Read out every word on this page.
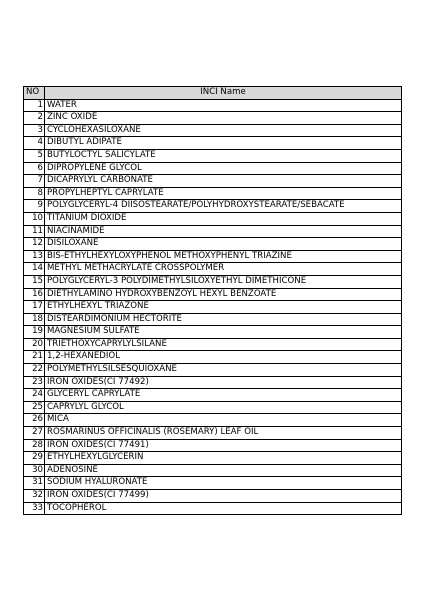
NO	INCI Name
1	WATER
2	ZINC OXIDE
3	CYCLOHEXASILOXANE
4	DIBUTYL ADIPATE
5	BUTYLOCTYL SALICYLATE
6	DIPROPYLENE GLYCOL
7	DICAPRYLYL CARBONATE
8	PROPYLHEPTYL CAPRYLATE
9	POLYGLYCERYL-4 DIISOSTEARATE/POLYHYDROXYSTEARATE/SEBACATE
10	TITANIUM DIOXIDE
11	NIACINAMIDE
12	DISILOXANE
13	BIS-ETHYLHEXYLOXYPHENOL METHOXYPHENYL TRIAZINE
14	METHYL METHACRYLATE CROSSPOLYMER
15	POLYGLYCERYL-3 POLYDIMETHYLSILOXYETHYL DIMETHICONE
16	DIETHYLAMINO HYDROXYBENZOYL HEXYL BENZOATE
17	ETHYLHEXYL TRIAZONE
18	DISTEARDIMONIUM HECTORITE
19	MAGNESIUM SULFATE
20	TRIETHOXYCAPRYLYLSILANE
21	1,2-HEXANEDIOL
22	POLYMETHYLSILSESQUIOXANE
23	IRON OXIDES(CI 77492)
24	GLYCERYL CAPRYLATE
25	CAPRYLYL GLYCOL
26	MICA
27	ROSMARINUS OFFICINALIS (ROSEMARY) LEAF OIL
28	IRON OXIDES(CI 77491)
29	ETHYLHEXYLGLYCERIN
30	ADENOSINE
31	SODIUM HYALURONATE
32	IRON OXIDES(CI 77499)
33	TOCOPHEROL
